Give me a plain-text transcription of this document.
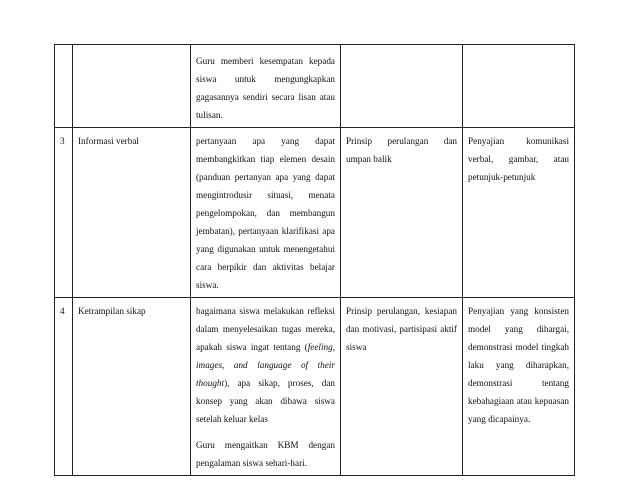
		Guru memberi kesempatan kepada siswa untuk mengungkapkan gagasannya sendiri secara lisan atau tulisan.		

3	Informasi verbal	pertanyaan apa yang dapat membangkitkan tiap elemen desain (panduan pertanyan apa yang dapat mengintrodusir situasi, menata pengelompokan, dan membangun jembatan), pertanyaan klarifikasi apa yang digunakan untuk menengetahui cara berpikir dan aktivitas belajar siswa.	Prinsip perulangan dan umpan balik	Penyajian komunikasi verbal, gambar, atau petunjuk-petunjuk
4	Ketrampilan sikap	bagaimana siswa melakukan refleksi dalam menyelesaikan tugas mereka, apakah siswa ingat tentang (feeling, images, and language of their thought), apa sikap, proses, dan konsep yang akan dibawa siswa setelah keluar kelas

Guru mengaitkan KBM dengan pengalaman siswa sehari-hari.	Prinsip perulangan, kesiapan dan motivasi, partisipasi aktif siswa	Penyajian yang konsisten model yang dihargai, demonstrasi model tingkah laku yang diharapkan, demonstrasi tentang kebahagiaan atau kepuasan yang dicapainya.
